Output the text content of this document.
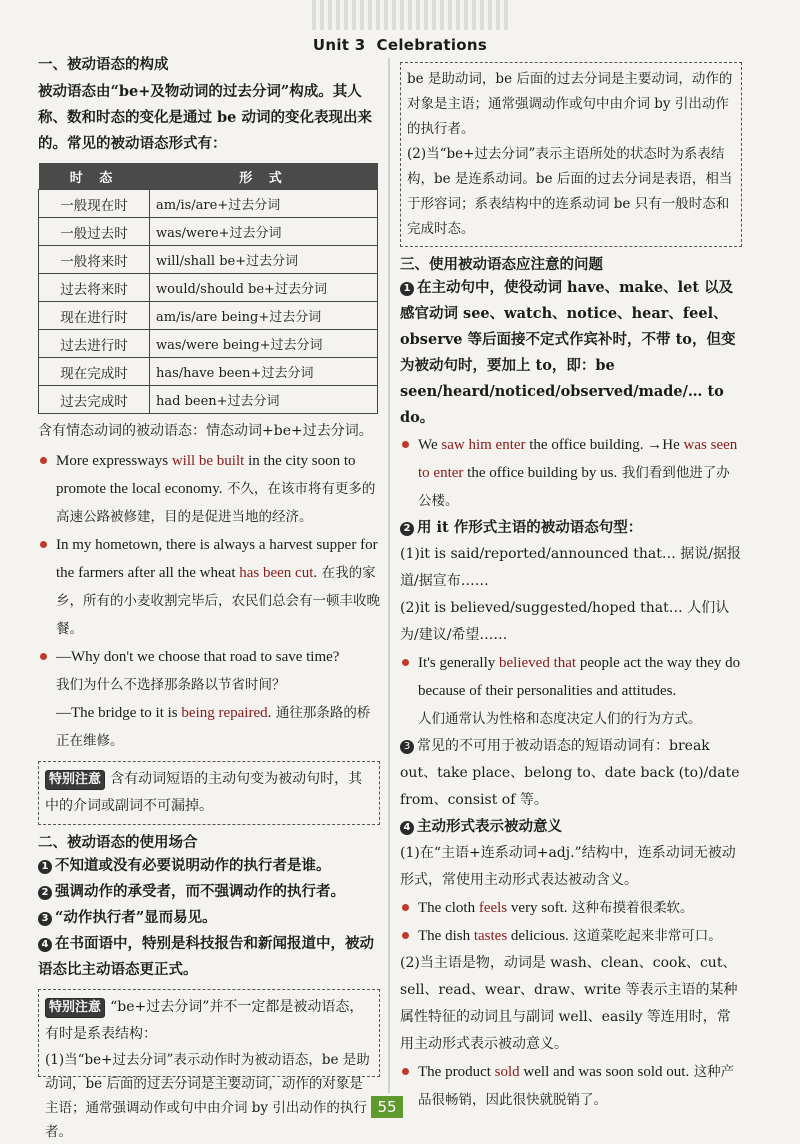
Unit 3 Celebrations
一、被动语态的构成

被动语态由“be+及物动词的过去分词”构成。其人称、数和时态的变化是通过 be 动词的变化表现出来的。常见的被动语态形式有：

时 态	形 式
一般现在时	am/is/are+过去分词
一般过去时	was/were+过去分词
一般将来时	will/shall be+过去分词
过去将来时	would/should be+过去分词
现在进行时	am/is/are being+过去分词
过去进行时	was/were being+过去分词
现在完成时	has/have been+过去分词
过去完成时	had been+过去分词

含有情态动词的被动语态：情态动词+be+过去分词。

More expressways will be built in the city soon to promote the local economy. 不久，在该市将有更多的高速公路被修建，目的是促进当地的经济。
In my hometown, there is always a harvest supper for the farmers after all the wheat has been cut. 在我的家乡，所有的小麦收割完毕后，农民们总会有一顿丰收晚餐。
—Why don't we choose that road to save time?
我们为什么不选择那条路以节省时间？
—The bridge to it is being repaired. 通往那条路的桥正在维修。
特别注意 含有动词短语的主动句变为被动句时，其中的介词或副词不可漏掉。
二、被动语态的使用场合
1 不知道或没有必要说明动作的执行者是谁。
2 强调动作的承受者，而不强调动作的执行者。
3 “动作执行者”显而易见。
4 在书面语中，特别是科技报告和新闻报道中，被动语态比主动语态更正式。
特别注意 “be+过去分词”并不一定都是被动语态，有时是系表结构：
(1)当“be+过去分词”表示动作时为被动语态，be 是助动词，be 后面的过去分词是主要动词，动作的对象是主语；通常强调动作或句中由介词 by 引出动作的执行者。
be 是助动词，be 后面的过去分词是主要动词，动作的对象是主语；通常强调动作或句中由介词 by 引出动作的执行者。
(2)当“be+过去分词”表示主语所处的状态时为系表结构，be 是连系动词。be 后面的过去分词是表语，相当于形容词；系表结构中的连系动词 be 只有一般时态和完成时态。
三、使用被动语态应注意的问题
1 在主动句中，使役动词 have、make、let 以及感官动词 see、watch、notice、hear、feel、observe 等后面接不定式作宾补时，不带 to，但变为被动句时，要加上 to，即：be seen/heard/noticed/observed/made/… to do。
We saw him enter the office building. →He was seen to enter the office building by us. 我们看到他进了办公楼。
2 用 it 作形式主语的被动语态句型：
(1)it is said/reported/announced that… 据说/据报道/据宣布……
(2)it is believed/suggested/hoped that… 人们认为/建议/希望……
It's generally believed that people act the way they do because of their personalities and attitudes.
人们通常认为性格和态度决定人们的行为方式。
3 常见的不可用于被动语态的短语动词有：break out、take place、belong to、date back (to)/date from、consist of 等。
4 主动形式表示被动意义
(1)在“主语+连系动词+adj.”结构中，连系动词无被动形式，常使用主动形式表达被动含义。
The cloth feels very soft. 这种布摸着很柔软。
The dish tastes delicious. 这道菜吃起来非常可口。
(2)当主语是物，动词是 wash、clean、cook、cut、sell、read、wear、draw、write 等表示主语的某种属性特征的动词且与副词 well、easily 等连用时，常用主动形式表示被动意义。
The product sold well and was soon sold out. 这种产品很畅销，因此很快就脱销了。
55
